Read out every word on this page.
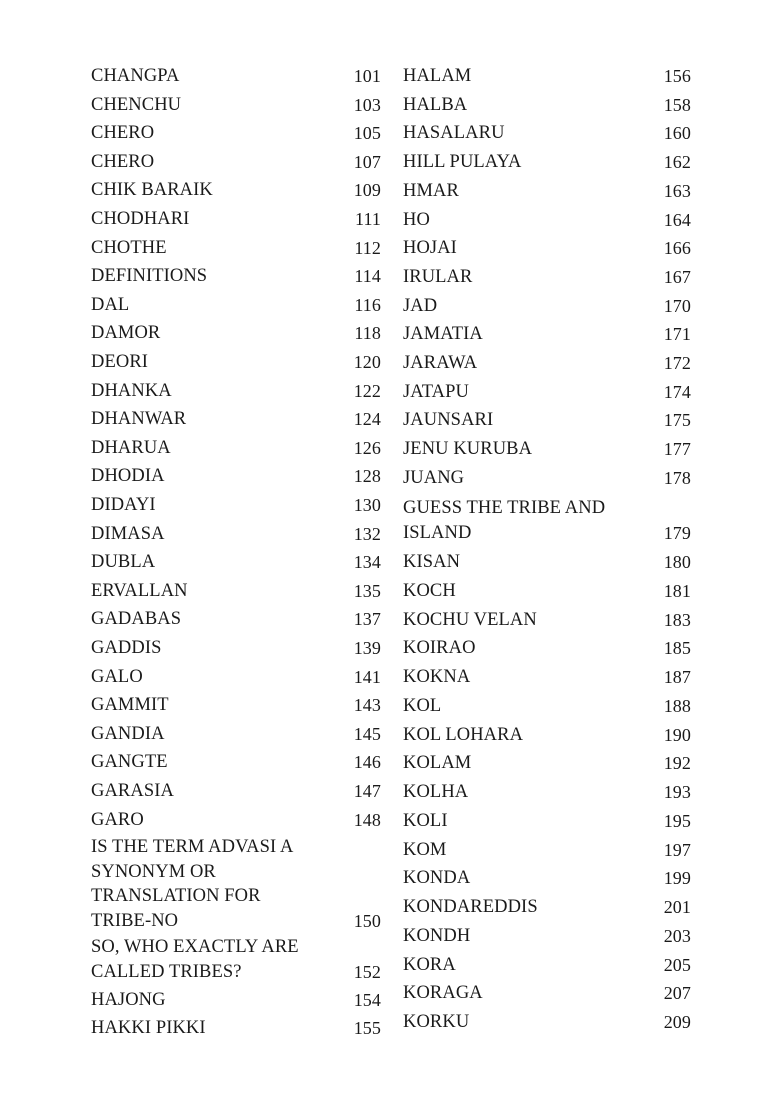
CHANGPA	101
CHENCHU	103
CHERO	105
CHERO	107
CHIK BARAIK	109
CHODHARI	111
CHOTHE	112
DEFINITIONS	114
DAL	116
DAMOR	118
DEORI	120
DHANKA	122
DHANWAR	124
DHARUA	126
DHODIA	128
DIDAYI	130
DIMASA	132
DUBLA	134
ERVALLAN	135
GADABAS	137
GADDIS	139
GALO	141
GAMMIT	143
GANDIA	145
GANGTE	146
GARASIA	147
GARO	148
IS THE TERM ADVASI A
SYNONYM OR
TRANSLATION FOR
TRIBE-NO	150
SO, WHO EXACTLY ARE
CALLED TRIBES?	152
HAJONG	154
HAKKI PIKKI	155
HALAM	156
HALBA	158
HASALARU	160
HILL PULAYA	162
HMAR	163
HO	164
HOJAI	166
IRULAR	167
JAD	170
JAMATIA	171
JARAWA	172
JATAPU	174
JAUNSARI	175
JENU KURUBA	177
JUANG	178
GUESS THE TRIBE AND
ISLAND	179
KISAN	180
KOCH	181
KOCHU VELAN	183
KOIRAO	185
KOKNA	187
KOL	188
KOL LOHARA	190
KOLAM	192
KOLHA	193
KOLI	195
KOM	197
KONDA	199
KONDAREDDIS	201
KONDH	203
KORA	205
KORAGA	207
KORKU	209
